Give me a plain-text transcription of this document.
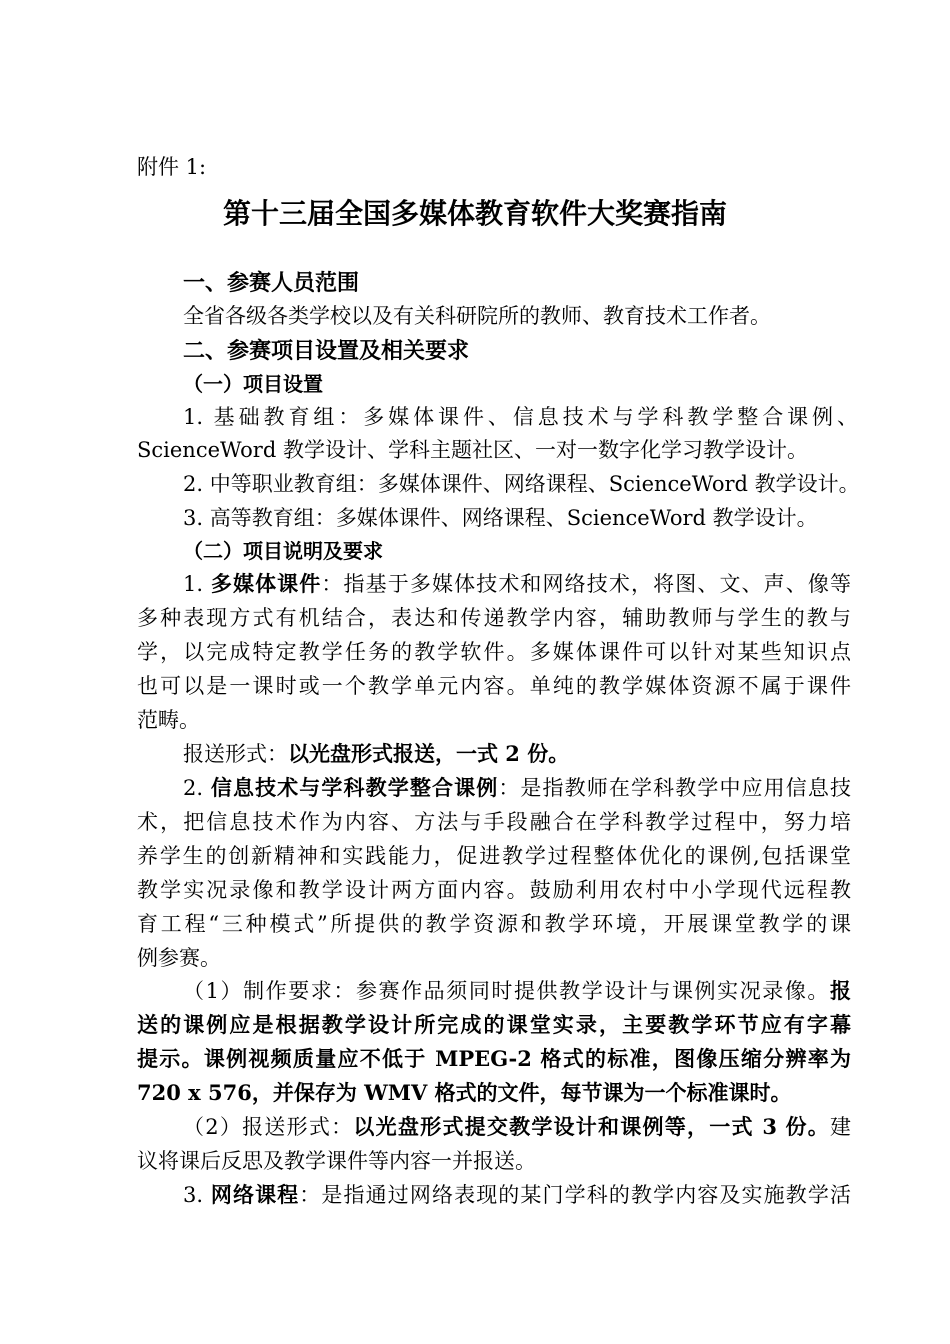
附件 1:
第十三届全国多媒体教育软件大奖赛指南
一、参赛人员范围
全省各级各类学校以及有关科研院所的教师、教育技术工作者。
二、参赛项目设置及相关要求
（一）项目设置
1. 基础教育组：多媒体课件、信息技术与学科教学整合课例、
ScienceWord 教学设计、学科主题社区、一对一数字化学习教学设计。
2. 中等职业教育组：多媒体课件、网络课程、ScienceWord 教学设计。
3. 高等教育组：多媒体课件、网络课程、ScienceWord 教学设计。
（二）项目说明及要求
1. 多媒体课件：指基于多媒体技术和网络技术，将图、文、声、像等
多种表现方式有机结合，表达和传递教学内容，辅助教师与学生的教与
学，以完成特定教学任务的教学软件。多媒体课件可以针对某些知识点
也可以是一课时或一个教学单元内容。单纯的教学媒体资源不属于课件
范畴。
报送形式：以光盘形式报送，一式 2 份。
2. 信息技术与学科教学整合课例：是指教师在学科教学中应用信息技
术，把信息技术作为内容、方法与手段融合在学科教学过程中，努力培
养学生的创新精神和实践能力，促进教学过程整体优化的课例,包括课堂
教学实况录像和教学设计两方面内容。鼓励利用农村中小学现代远程教
育工程“三种模式”所提供的教学资源和教学环境，开展课堂教学的课
例参赛。
（1）制作要求：参赛作品须同时提供教学设计与课例实况录像。报
送的课例应是根据教学设计所完成的课堂实录，主要教学环节应有字幕
提示。课例视频质量应不低于 MPEG-2 格式的标准，图像压缩分辨率为
720 x 576，并保存为 WMV 格式的文件，每节课为一个标准课时。
（2）报送形式：以光盘形式提交教学设计和课例等，一式 3 份。建
议将课后反思及教学课件等内容一并报送。
3. 网络课程：是指通过网络表现的某门学科的教学内容及实施教学活
